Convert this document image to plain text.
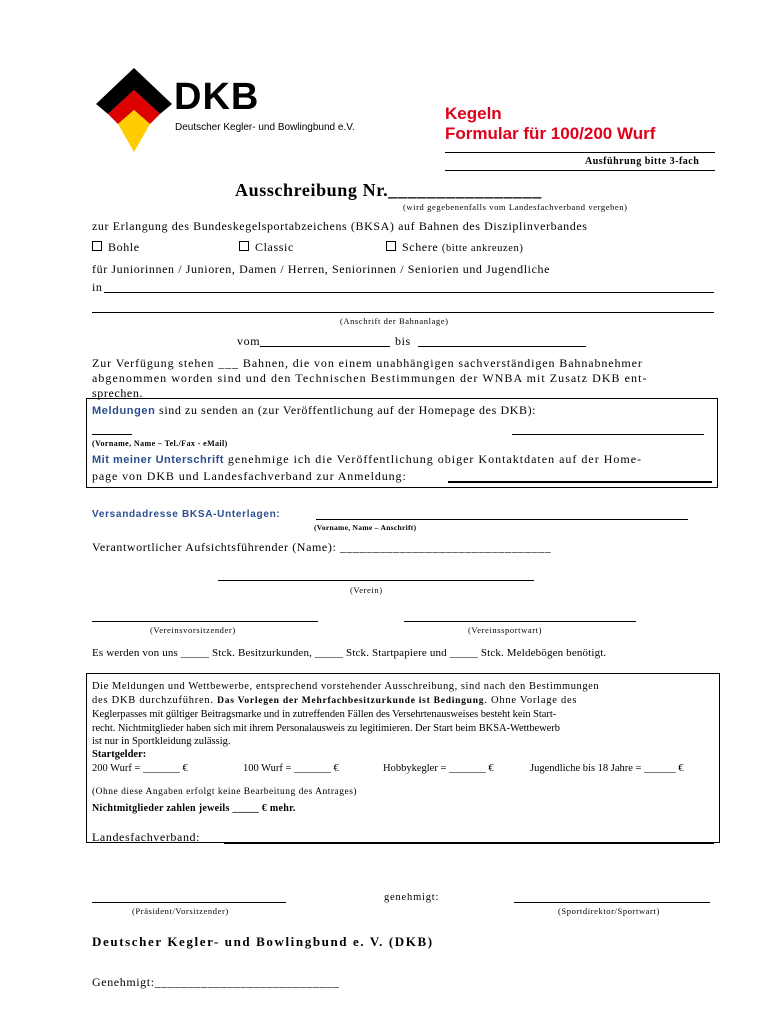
DKB
Deutscher Kegler- und Bowlingbund e.V.
Kegeln
Formular für 100/200 Wurf
Ausführung bitte 3-fach
Ausschreibung Nr.________________
(wird gegebenenfalls vom Landesfachverband vergeben)
zur Erlangung des Bundeskegelsportabzeichens (BKSA) auf Bahnen des Disziplinverbandes
Bohle	Classic	Schere (bitte ankreuzen)
für Juniorinnen / Junioren, Damen / Herren, Seniorinnen / Seniorien und Jugendliche
in
(Anschrift der Bahnanlage)
vom	bis
Zur Verfügung stehen ___ Bahnen, die von einem unabhängigen sachverständigen Bahnabnehmer
abgenommen worden sind und den Technischen Bestimmungen der WNBA mit Zusatz DKB ent-
sprechen.
Meldungen sind zu senden an (zur Veröffentlichung auf der Homepage des DKB):
(Vorname, Name – Tel./Fax - eMail)
Mit meiner Unterschrift genehmige ich die Veröffentlichung obiger Kontaktdaten auf der Home-
page von DKB und Landesfachverband zur Anmeldung:
Versandadresse BKSA-Unterlagen:
(Vorname, Name – Anschrift)
Verantwortlicher Aufsichtsführender (Name): ________________________________
(Verein)
(Vereinsvorsitzender)	(Vereinssportwart)
Es werden von uns _____ Stck. Besitzurkunden, _____ Stck. Startpapiere und _____ Stck. Meldebögen benötigt.
Die Meldungen und Wettbewerbe, entsprechend vorstehender Ausschreibung, sind nach den Bestimmungen
des DKB durchzuführen. Das Vorlegen der Mehrfachbesitzurkunde ist Bedingung. Ohne Vorlage des
Keglerpasses mit gültiger Beitragsmarke und in zutreffenden Fällen des Versehrtenausweises besteht kein Start-
recht. Nichtmitglieder haben sich mit ihrem Personalausweis zu legitimieren. Der Start beim BKSA-Wettbewerb
ist nur in Sportkleidung zulässig.
Startgelder:
200 Wurf = _______ €	100 Wurf = _______ €	Hobbykegler = _______ €	Jugendliche bis 18 Jahre = ______ €
(Ohne diese Angaben erfolgt keine Bearbeitung des Antrages)
Nichtmitglieder zahlen jeweils _____ € mehr.
Landesfachverband:
(Präsident/Vorsitzender)
genehmigt:
(Sportdirektor/Sportwart)
Deutscher Kegler- und Bowlingbund e. V. (DKB)
Genehmigt:____________________________
